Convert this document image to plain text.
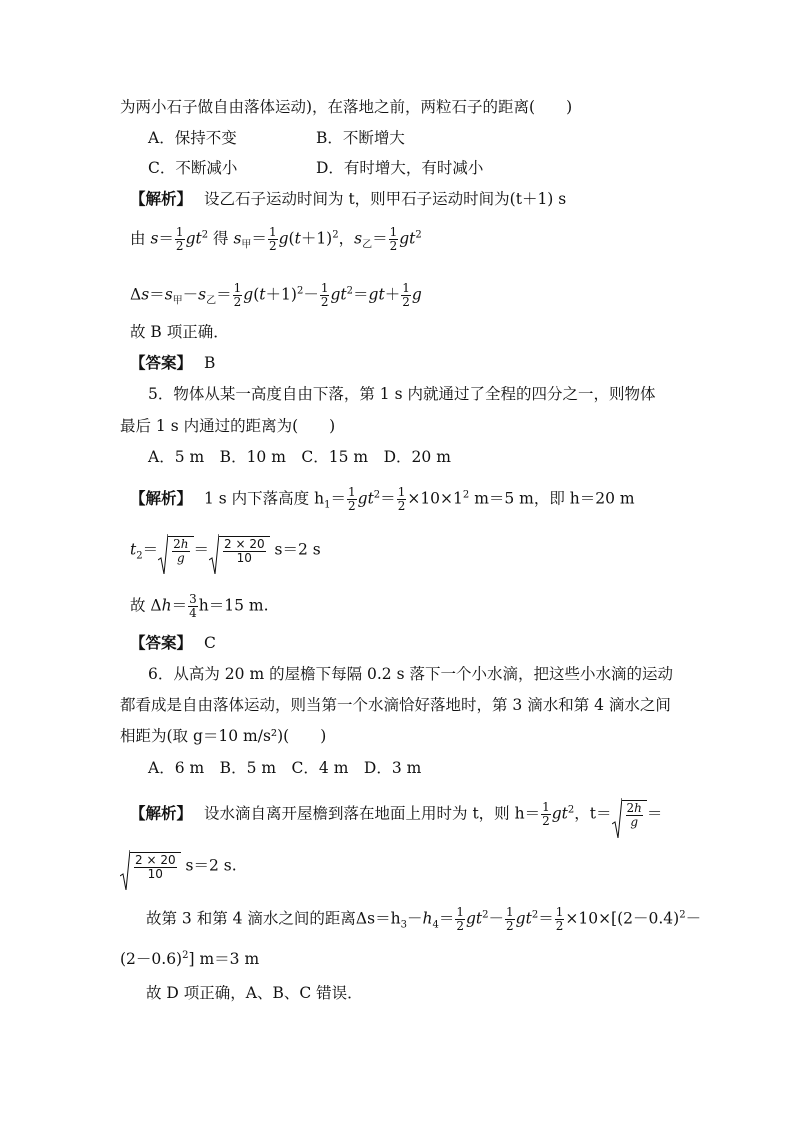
为两小石子做自由落体运动)，在落地之前，两粒石子的距离(　　)
A．保持不变	B．不断增大
C．不断减小	D．有时增大，有时减小
【解析】 设乙石子运动时间为 t，则甲石子运动时间为(t＋1) s
由 $s= \frac{1}{2} gt^2$ 得 $s_甲= \frac{1}{2} g(t+1)^2$，$s_乙= \frac{1}{2} gt^2$
$\Delta s=s_甲-s_乙= \frac{1}{2} g(t+1)^2- \frac{1}{2} gt^2=gt+ \frac{1}{2}$ g
故 B 项正确．
【答案】 B
5．物体从某一高度自由下落，第 1 s 内就通过了全程的四分之一，则物体
最后 1 s 内通过的距离为(　　)
A．5 m　B．10 m　C．15 m　D．20 m
【解析】 1 s 内下落高度 $h_1= \frac{1}{2} gt^2= \frac{1}{2} \times 10\times 1^2$ m＝5 m，即 h＝20 m
$t_2= \frac{2h}{g} = \frac{2 \times 20}{10} s=2$ s
故 $\Delta h= \frac{3}{4} h=15$ m.
【答案】 C
6．从高为 20 m 的屋檐下每隔 0.2 s 落下一个小水滴，把这些小水滴的运动
都看成是自由落体运动，则当第一个水滴恰好落地时，第 3 滴水和第 4 滴水之间
相距为(取 g＝10 m/s²)(　　)
A．6 m　B．5 m　C．4 m　D．3 m
【解析】 设水滴自离开屋檐到落在地面上用时为 t，则 $h= \frac{1}{2} gt^2$，$t= \frac{2h}{g}$ ＝
$\frac{2 \times 20}{10} s=2$ s.
故第 3 和第 4 滴水之间的距离$\Delta s=h_3-h_4= \frac{1}{2} gt^2- \frac{1}{2} gt^2= \frac{1}{2} \times 10\times[(2-0.4)^2-$
$(2-0.6)^2$] m＝3 m
故 D 项正确，A、B、C 错误．
